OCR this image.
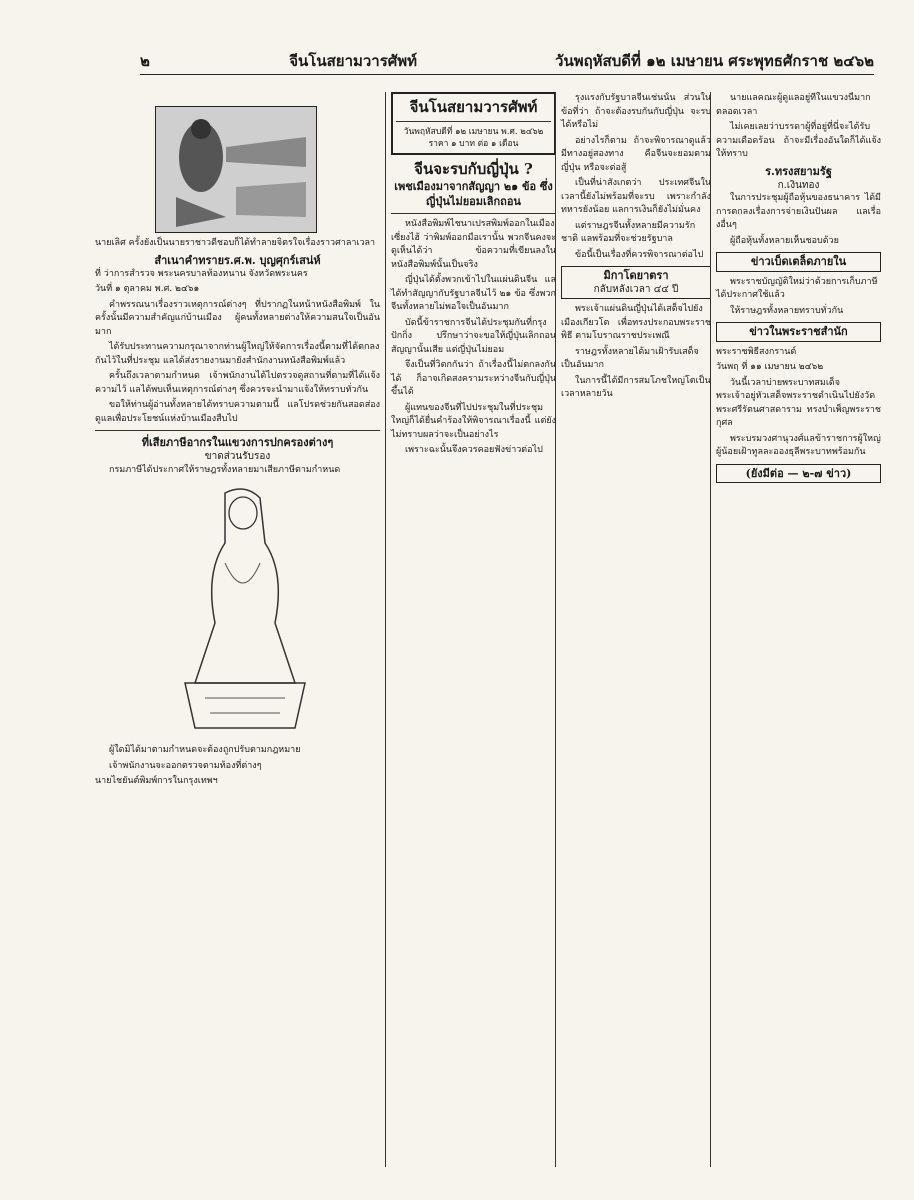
๒	จีนโนสยามวารศัพท์	วันพฤหัสบดีที่ ๑๒ เมษายน ศระพุทธศักราช ๒๔๖๒

นายเลิศ ครั้งยังเป็นนายราชาวดีชอบก็ได้ทำลายจิตรใจเรื่องราวศาลาเวลา

สำเนาคำทรายร.ศ.พ. บุญศุกร์เสน่ห์

ที่ ว่าการสำรวจ พระนครบาลท้องหนาน จังหวัดพระนคร

วันที่ ๑ ตุลาคม พ.ศ. ๒๔๖๑

คำพรรณนาเรื่องราวเหตุการณ์ต่างๆ ที่ปรากฏในหน้าหนังสือพิมพ์ ในครั้งนั้นมีความสำคัญแก่บ้านเมือง ผู้คนทั้งหลายต่างให้ความสนใจเป็นอันมาก

ได้รับประทานความกรุณาจากท่านผู้ใหญ่ให้จัดการเรื่องนี้ตามที่ได้ตกลงกันไว้ในที่ประชุม แลได้ส่งรายงานมายังสำนักงานหนังสือพิมพ์แล้ว

ครั้นถึงเวลาตามกำหนด เจ้าพนักงานได้ไปตรวจดูสถานที่ตามที่ได้แจ้งความไว้ แลได้พบเห็นเหตุการณ์ต่างๆ ซึ่งควรจะนำมาแจ้งให้ทราบทั่วกัน

ขอให้ท่านผู้อ่านทั้งหลายได้ทราบความตามนี้ แลโปรดช่วยกันสอดส่องดูแลเพื่อประโยชน์แห่งบ้านเมืองสืบไป

ที่เสียภาษีอากรในแขวงการปกครองต่างๆ
ขาดส่วนรับรอง

กรมภาษีได้ประกาศให้ราษฎรทั้งหลายมาเสียภาษีตามกำหนด

ผู้ใดมิได้มาตามกำหนดจะต้องถูกปรับตามกฎหมาย

เจ้าพนักงานจะออกตรวจตามท้องที่ต่างๆ

นายไชยันต์พิมพ์การในกรุงเทพฯ

จีนโนสยามวารศัพท์
วันพฤหัสบดีที่ ๑๒ เมษายน พ.ศ. ๒๔๖๒ ราคา ๑ บาท ต่อ ๑ เดือน
จีนจะรบกับญี่ปุ่น ?
เพชเมืองมาจากสัญญา ๒๑ ข้อ ซึ่งญี่ปุ่นไม่ยอมเลิกถอน

หนังสือพิมพ์ไชนาเปรสพิมพ์ออกในเมืองเซี่ยงไฮ้ ว่าพิมพ์ออกมือเรานั้น พวกจีนคงจะดูเห็นได้ว่า ข้อความที่เขียนลงในหนังสือพิมพ์นั้นเป็นจริง

ญี่ปุ่นได้ตั้งพวกเข้าไปในแผ่นดินจีน แลได้ทำสัญญากับรัฐบาลจีนไว้ ๒๑ ข้อ ซึ่งพวกจีนทั้งหลายไม่พอใจเป็นอันมาก

บัดนี้ข้าราชการจีนได้ประชุมกันที่กรุงปักกิ่ง ปรึกษาว่าจะขอให้ญี่ปุ่นเลิกถอนสัญญานั้นเสีย แต่ญี่ปุ่นไม่ยอม

จึงเป็นที่วิตกกันว่า ถ้าเรื่องนี้ไม่ตกลงกันได้ ก็อาจเกิดสงครามระหว่างจีนกับญี่ปุ่นขึ้นได้

ผู้แทนของจีนที่ไปประชุมในที่ประชุมใหญ่ก็ได้ยื่นคำร้องให้พิจารณาเรื่องนี้ แต่ยังไม่ทราบผลว่าจะเป็นอย่างไร

เพราะฉะนั้นจึงควรคอยฟังข่าวต่อไป

รุงแรงกับรัฐบาลจีนเช่นนั้น ส่วนในข้อที่ว่า ถ้าจะต้องรบกันกับญี่ปุ่น จะรบได้หรือไม่

อย่างไรก็ตาม ถ้าจะพิจารณาดูแล้ว มีทางอยู่สองทาง คือจีนจะยอมตามญี่ปุ่น หรือจะต่อสู้

เป็นที่น่าสังเกตว่า ประเทศจีนในเวลานี้ยังไม่พร้อมที่จะรบ เพราะกำลังทหารยังน้อย แลการเงินก็ยังไม่มั่นคง

แต่ราษฎรจีนทั้งหลายมีความรักชาติ แลพร้อมที่จะช่วยรัฐบาล

ข้อนี้เป็นเรื่องที่ควรพิจารณาต่อไป

มิกาโดยาตรา
กลับหลังเวลา ๔๔ ปี

พระเจ้าแผ่นดินญี่ปุ่นได้เสด็จไปยังเมืองเกียวโต เพื่อทรงประกอบพระราชพิธี ตามโบราณราชประเพณี

ราษฎรทั้งหลายได้มาเฝ้ารับเสด็จเป็นอันมาก

ในการนี้ได้มีการสมโภชใหญ่โตเป็นเวลาหลายวัน

นายแลคณะผู้ดูแลอยู่ที่ในแขวงนี้มากตลอดเวลา

ไม่เคยเลยว่าบรรดาผู้ที่อยู่ที่นี่จะได้รับความเดือดร้อน ถ้าจะมีเรื่องอันใดก็ได้แจ้งให้ทราบ

ร.ทรงสยามรัฐ
ก.เงินทอง

ในการประชุมผู้ถือหุ้นของธนาคาร ได้มีการตกลงเรื่องการจ่ายเงินปันผล แลเรื่องอื่นๆ

ผู้ถือหุ้นทั้งหลายเห็นชอบด้วย

ข่าวเบ็ดเตล็ดภายใน

พระราชบัญญัติใหม่ว่าด้วยการเก็บภาษีได้ประกาศใช้แล้ว

ให้ราษฎรทั้งหลายทราบทั่วกัน

ข่าวในพระราชสำนัก

พระราชพิธีสงกรานต์

วันพฤ ที่ ๑๑ เมษายน ๒๔๖๒

วันนี้เวลาบ่ายพระบาทสมเด็จพระเจ้าอยู่หัวเสด็จพระราชดำเนินไปยังวัดพระศรีรัตนศาสดาราม ทรงบำเพ็ญพระราชกุศล

พระบรมวงศานุวงศ์แลข้าราชการผู้ใหญ่ผู้น้อยเฝ้าทูลละอองธุลีพระบาทพร้อมกัน

(ยังมีต่อ — ๒-๗ ข่าว)
